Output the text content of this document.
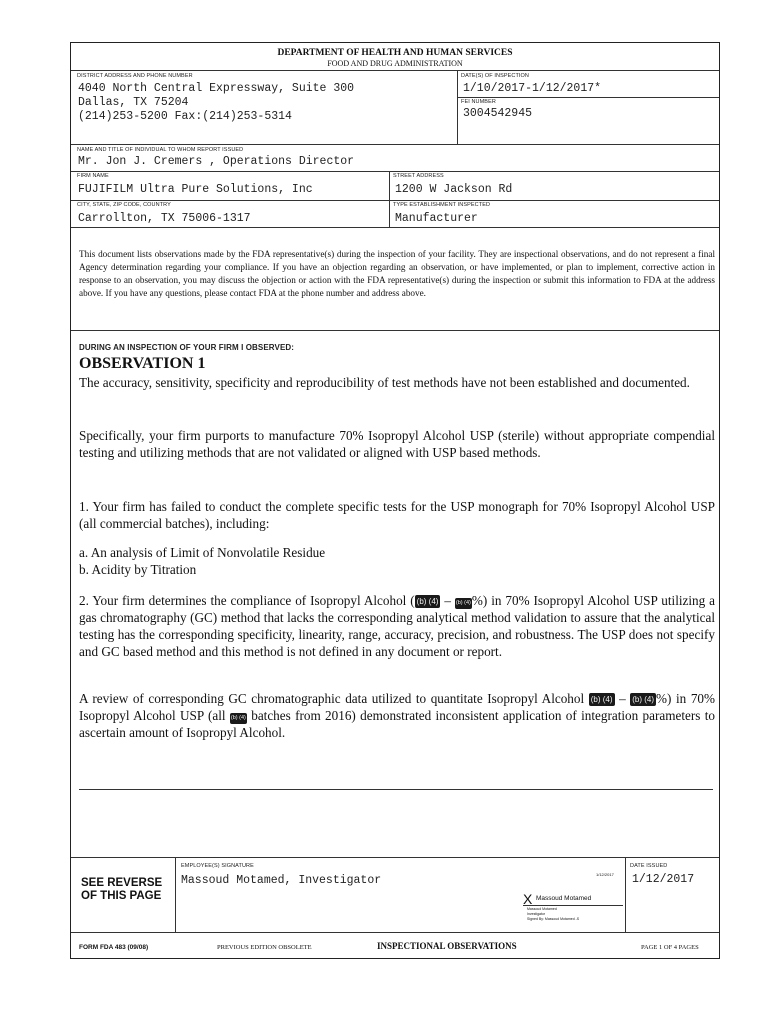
DEPARTMENT OF HEALTH AND HUMAN SERVICES
FOOD AND DRUG ADMINISTRATION
DISTRICT ADDRESS AND PHONE NUMBER
4040 North Central Expressway, Suite 300
Dallas, TX 75204
(214)253-5200 Fax:(214)253-5314
DATE(S) OF INSPECTION
1/10/2017-1/12/2017*
FEI NUMBER
3004542945
NAME AND TITLE OF INDIVIDUAL TO WHOM REPORT ISSUED
Mr. Jon J. Cremers , Operations Director
FIRM NAME
FUJIFILM Ultra Pure Solutions, Inc
STREET ADDRESS
1200 W Jackson Rd
CITY, STATE, ZIP CODE, COUNTRY
Carrollton, TX 75006-1317
TYPE ESTABLISHMENT INSPECTED
Manufacturer
This document lists observations made by the FDA representative(s) during the inspection of your facility. They are inspectional observations, and do not represent a final Agency determination regarding your compliance. If you have an objection regarding an observation, or have implemented, or plan to implement, corrective action in response to an observation, you may discuss the objection or action with the FDA representative(s) during the inspection or submit this information to FDA at the address above. If you have any questions, please contact FDA at the phone number and address above.
DURING AN INSPECTION OF YOUR FIRM I OBSERVED:
OBSERVATION 1
The accuracy, sensitivity, specificity and reproducibility of test methods have not been established and documented.
Specifically, your firm purports to manufacture 70% Isopropyl Alcohol USP (sterile) without appropriate compendial testing and utilizing methods that are not validated or aligned with USP based methods.
1. Your firm has failed to conduct the complete specific tests for the USP monograph for 70% Isopropyl Alcohol USP (all commercial batches), including:
a. An analysis of Limit of Nonvolatile Residue
b. Acidity by Titration
2. Your firm determines the compliance of Isopropyl Alcohol ( (b) (4) – (b) (4)%) in 70% Isopropyl Alcohol USP utilizing a gas chromatography (GC) method that lacks the corresponding analytical method validation to assure that the analytical testing has the corresponding specificity, linearity, range, accuracy, precision, and robustness. The USP does not specify and GC based method and this method is not defined in any document or report.
A review of corresponding GC chromatographic data utilized to quantitate Isopropyl Alcohol (b) (4) – (b) (4) %) in 70% Isopropyl Alcohol USP (all (b) (4) batches from 2016) demonstrated inconsistent application of integration parameters to ascertain amount of Isopropyl Alcohol.
SEE REVERSE
OF THIS PAGE
EMPLOYEE(S) SIGNATURE
Massoud Motamed, Investigator	1/12/2017
X Massoud Motamed
Massoud Motamed
Investigator
Signed By: Massoud Motamed -S
DATE ISSUED
1/12/2017
FORM FDA 483 (09/08)	PREVIOUS EDITION OBSOLETE	INSPECTIONAL OBSERVATIONS	PAGE 1 OF 4 PAGES
